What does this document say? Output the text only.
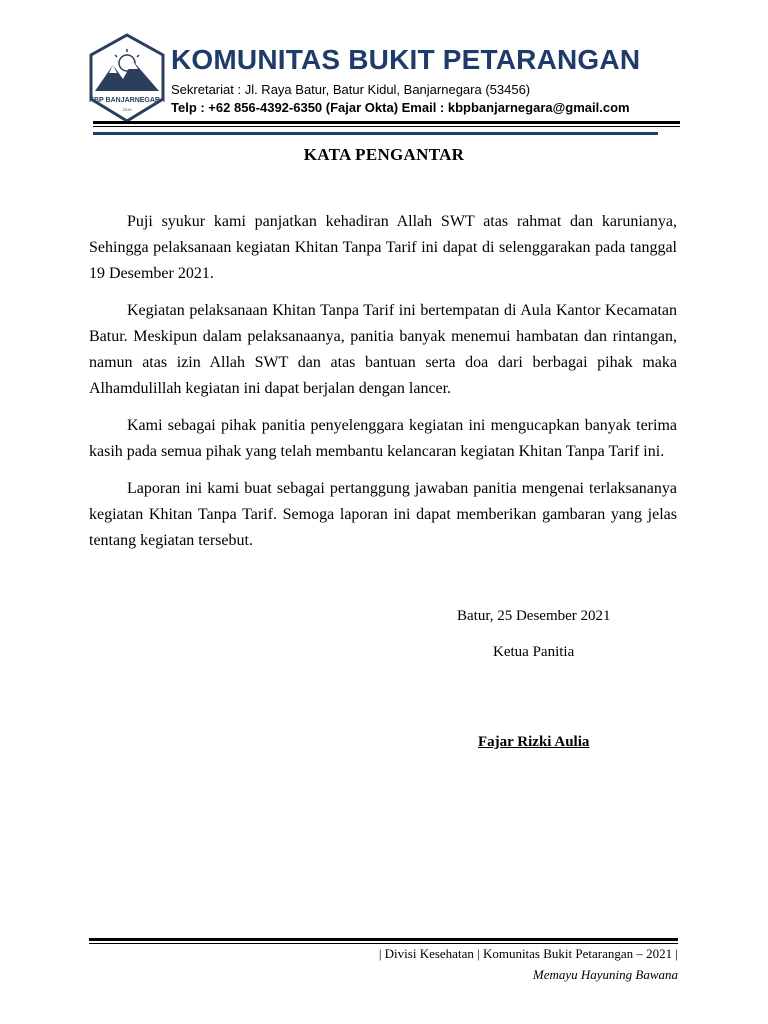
KBP BANJARNEGARA
2019
KOMUNITAS BUKIT PETARANGAN
Sekretariat : Jl. Raya Batur, Batur Kidul, Banjarnegara (53456)
Telp : +62 856-4392-6350 (Fajar Okta) Email : kbpbanjarnegara@gmail.com
KATA PENGANTAR

Puji syukur kami panjatkan kehadiran Allah SWT atas rahmat dan karunianya, Sehingga pelaksanaan kegiatan Khitan Tanpa Tarif ini dapat di selenggarakan pada tanggal 19 Desember 2021.

Kegiatan pelaksanaan Khitan Tanpa Tarif ini bertempatan di Aula Kantor Kecamatan Batur. Meskipun dalam pelaksanaanya, panitia banyak menemui hambatan dan rintangan, namun atas izin Allah SWT dan atas bantuan serta doa dari berbagai pihak maka Alhamdulillah kegiatan ini dapat berjalan dengan lancer.

Kami sebagai pihak panitia penyelenggara kegiatan ini mengucapkan banyak terima kasih pada semua pihak yang telah membantu kelancaran kegiatan Khitan Tanpa Tarif ini.

Laporan ini kami buat sebagai pertanggung jawaban panitia mengenai terlaksananya kegiatan Khitan Tanpa Tarif. Semoga laporan ini dapat memberikan gambaran yang jelas tentang kegiatan tersebut.

Batur, 25 Desember 2021
Ketua Panitia
Fajar Rizki Aulia
| Divisi Kesehatan | Komunitas Bukit Petarangan – 2021 |
Memayu Hayuning Bawana
